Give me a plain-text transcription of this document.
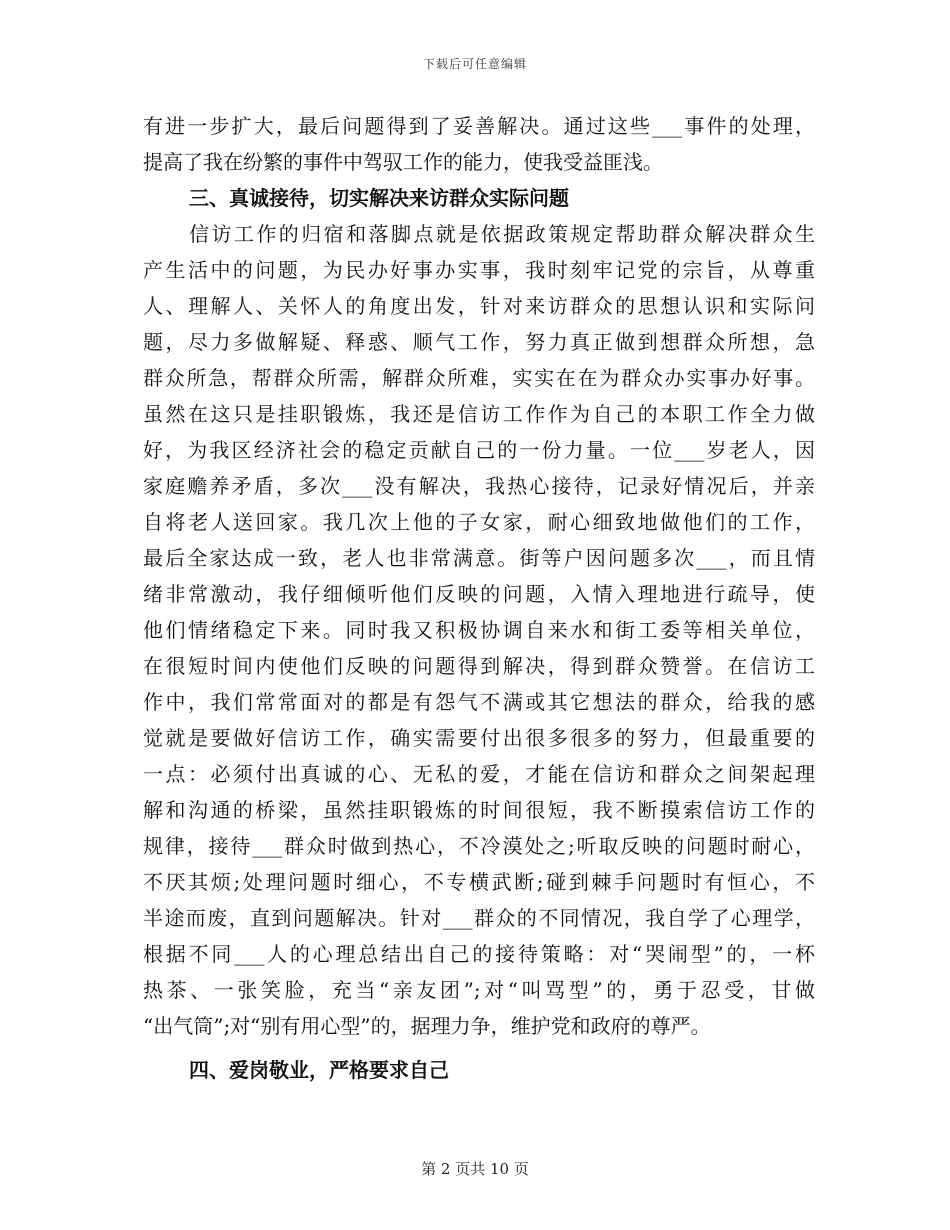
下载后可任意编辑
有进一步扩大，最后问题得到了妥善解决。通过这些___事件的处理，
提高了我在纷繁的事件中驾驭工作的能力，使我受益匪浅。
三、真诚接待，切实解决来访群众实际问题
信访工作的归宿和落脚点就是依据政策规定帮助群众解决群众生
产生活中的问题，为民办好事办实事，我时刻牢记党的宗旨，从尊重
人、理解人、关怀人的角度出发，针对来访群众的思想认识和实际问
题，尽力多做解疑、释惑、顺气工作，努力真正做到想群众所想，急
群众所急，帮群众所需，解群众所难，实实在在为群众办实事办好事。
虽然在这只是挂职锻炼，我还是信访工作作为自己的本职工作全力做
好，为我区经济社会的稳定贡献自己的一份力量。一位___岁老人，因
家庭赡养矛盾，多次___没有解决，我热心接待，记录好情况后，并亲
自将老人送回家。我几次上他的子女家，耐心细致地做他们的工作，
最后全家达成一致，老人也非常满意。街等户因问题多次___，而且情
绪非常激动，我仔细倾听他们反映的问题，入情入理地进行疏导，使
他们情绪稳定下来。同时我又积极协调自来水和街工委等相关单位，
在很短时间内使他们反映的问题得到解决，得到群众赞誉。在信访工
作中，我们常常面对的都是有怨气不满或其它想法的群众，给我的感
觉就是要做好信访工作，确实需要付出很多很多的努力，但最重要的
一点：必须付出真诚的心、无私的爱，才能在信访和群众之间架起理
解和沟通的桥梁，虽然挂职锻炼的时间很短，我不断摸索信访工作的
规律，接待___群众时做到热心，不冷漠处之;听取反映的问题时耐心，
不厌其烦;处理问题时细心，不专横武断;碰到棘手问题时有恒心，不
半途而废，直到问题解决。针对___群众的不同情况，我自学了心理学，
根据不同___人的心理总结出自己的接待策略：对“哭闹型”的，一杯
热茶、一张笑脸，充当“亲友团”;对“叫骂型”的，勇于忍受，甘做
“出气筒”;对“别有用心型”的，据理力争，维护党和政府的尊严。
四、爱岗敬业，严格要求自己
第 2 页共 10 页
